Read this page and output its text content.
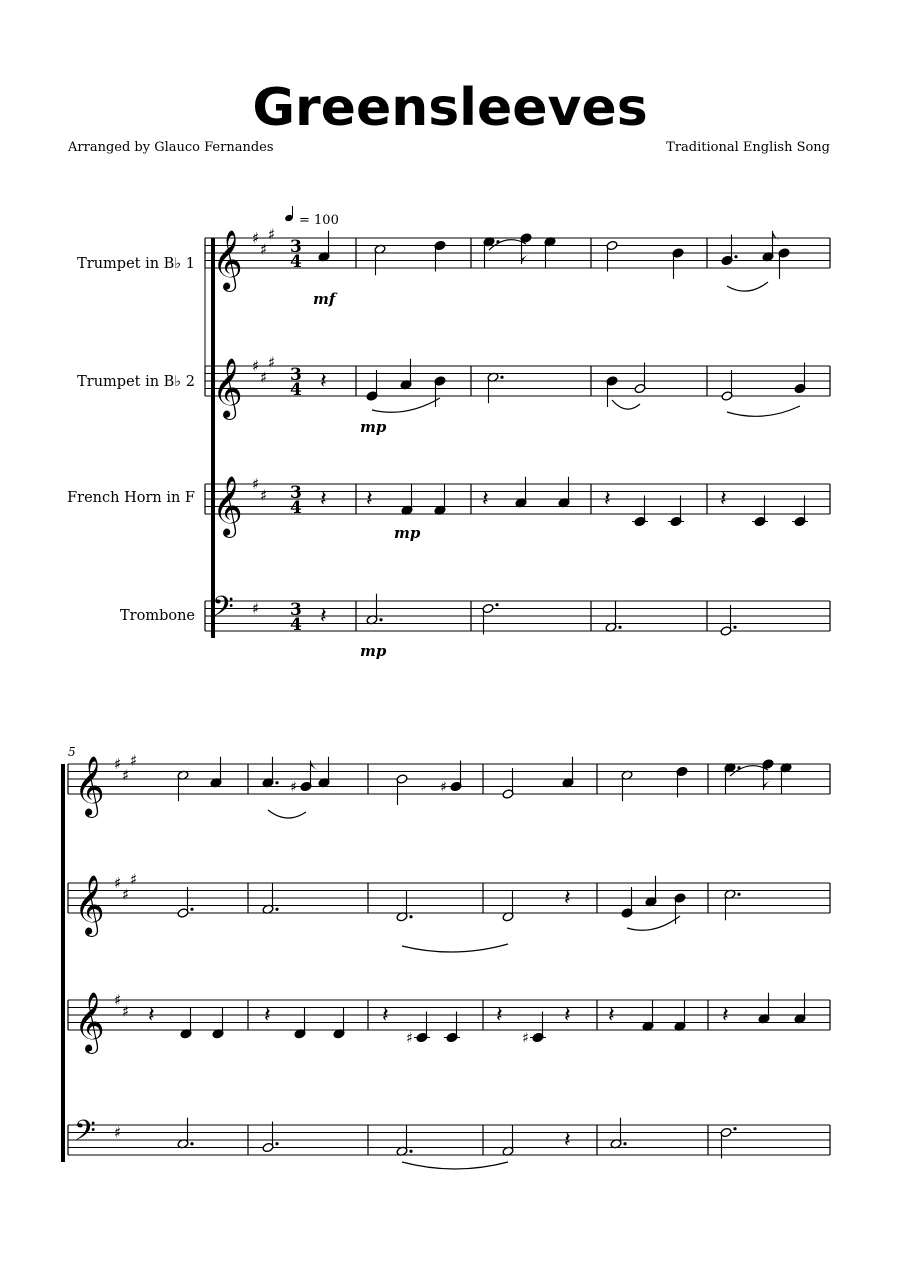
Greensleeves
Arranged by Glauco Fernandes	Traditional English Song
= 100
Trumpet in B♭ 1
Trumpet in B♭ 2
French Horn in F
Trombone
5
mf
mp
mp
mp
𝄞 ♯
♯
♯
3
4
𝄞 ♯
♯
♯
3
4
𝄞 ♯
♯ 3
4
𝄢 ♯ 3
4
𝄞 ♯
♯
♯
𝄞 ♯
♯
♯
𝄞 ♯
♯
𝄢 ♯
𝄽
𝄽 𝄽	𝄽	𝄽	𝄽
𝄽
♯	♯
𝄽
𝄽	𝄽	𝄽
♯
𝄽
♯
𝄽 𝄽	𝄽
𝄽
